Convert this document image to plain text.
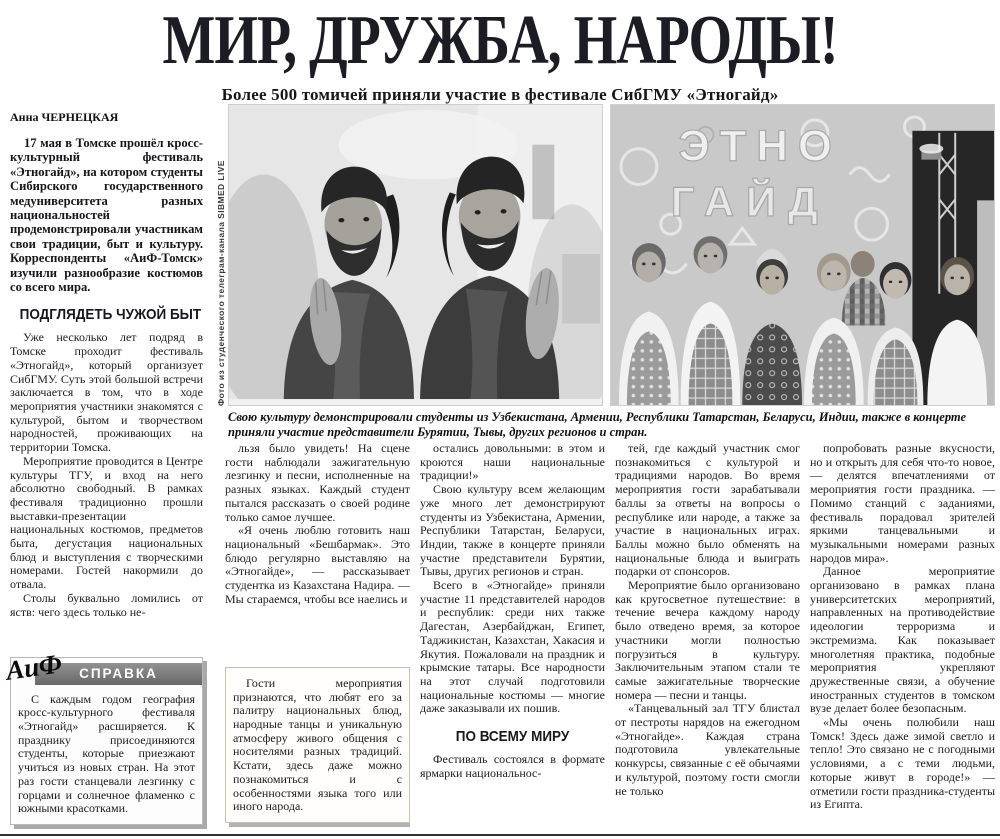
МИР, ДРУЖБА, НАРОДЫ!
Более 500 томичей приняли участие в фестивале СибГМУ «Этногайд»
Анна ЧЕРНЕЦКАЯ

17 мая в Томске прошёл кросс-культурный фестиваль «Этногайд», на котором студенты Сибирского государственного медуниверситета разных национальностей продемонстрировали участникам свои традиции, быт и культуру. Корреспонденты «АиФ-Томск» изучили разнообразие костюмов со всего мира.

ПОДГЛЯДЕТЬ ЧУЖОЙ БЫТ

Уже несколько лет подряд в Томске проходит фестиваль «Этногайд», который организует СибГМУ. Суть этой большой встречи заключается в том, что в ходе мероприятия участники знакомятся с культурой, бытом и творчеством народностей, проживающих на территории Томска.

Мероприятие проводится в Центре культуры ТГУ, и вход на него абсолютно свободный. В рамках фестиваля традиционно прошли выставки-презентации национальных костюмов, предметов быта, дегустация национальных блюд и выступления с творческими номерами. Гостей накормили до отвала.

Столы буквально ломились от яств: чего здесь только не-

АиФ	СПРАВКА

С каждым годом география кросс-культурного фестиваля «Этногайд» расширяется. К празднику присоединяются студенты, которые приезжают учиться из новых стран. На этот раз гости станцевали лезгинку с горцами и солнечное фламенко с южными красотками.

Фото из студенческого телеграм-канала SIBMED LIVE
ЭТНО
ГАЙД
Свою культуру демонстрировали студенты из Узбекистана, Армении, Республики Татарстан, Беларуси, Индии, также в концерте приняли участие представители Бурятии, Тывы, других регионов и стран.

льзя было увидеть! На сцене гости наблюдали зажигательную лезгинку и песни, исполненные на разных языках. Каждый студент пытался рассказать о своей родине только самое лучшее.

«Я очень люблю готовить наш национальный «Бешбармак». Это блюдо регулярно выставляю на «Этногайде», — рассказывает студентка из Казахстана Надира. — Мы стараемся, чтобы все наелись и

Гости мероприятия признаются, что любят его за палитру национальных блюд, народные танцы и уникальную атмосферу живого общения с носителями разных традиций. Кстати, здесь даже можно познакомиться и с особенностями языка того или иного народа.

остались довольными: в этом и кроются наши национальные традиции!»

Свою культуру всем желающим уже много лет демонстрируют студенты из Узбекистана, Армении, Республики Татарстан, Беларуси, Индии, также в концерте приняли участие представители Бурятии, Тывы, других регионов и стран.

Всего в «Этногайде» приняли участие 11 представителей народов и республик: среди них также Дагестан, Азербайджан, Египет, Таджикистан, Казахстан, Хакасия и Якутия. Пожаловали на праздник и крымские татары. Все народности на этот случай подготовили национальные костюмы — многие даже заказывали их пошив.

ПО ВСЕМУ МИРУ

Фестиваль состоялся в формате ярмарки национальнос-

тей, где каждый участник смог познакомиться с культурой и традициями народов. Во время мероприятия гости зарабатывали баллы за ответы на вопросы о республике или народе, а также за участие в национальных играх. Баллы можно было обменять на национальные блюда и выиграть подарки от спонсоров.

Мероприятие было организовано как кругосветное путешествие: в течение вечера каждому народу было отведено время, за которое участники могли полностью погрузиться в культуру. Заключительным этапом стали те самые зажигательные творческие номера — песни и танцы.

«Танцевальный зал ТГУ блистал от пестроты нарядов на ежегодном «Этногайде». Каждая страна подготовила увлекательные конкурсы, связанные с её обычаями и культурой, поэтому гости смогли не только

попробовать разные вкусности, но и открыть для себя что-то новое, — делятся впечатлениями от мероприятия гости праздника. — Помимо станций с заданиями, фестиваль порадовал зрителей яркими танцевальными и музыкальными номерами разных народов мира».

Данное мероприятие организовано в рамках плана университетских мероприятий, направленных на противодействие идеологии терроризма и экстремизма. Как показывает многолетняя практика, подобные мероприятия укрепляют дружественные связи, а обучение иностранных студентов в томском вузе делает более безопасным.

«Мы очень полюбили наш Томск! Здесь даже зимой светло и тепло! Это связано не с погодными условиями, а с теми людьми, которые живут в городе!» — отметили гости праздника-студенты из Египта.
